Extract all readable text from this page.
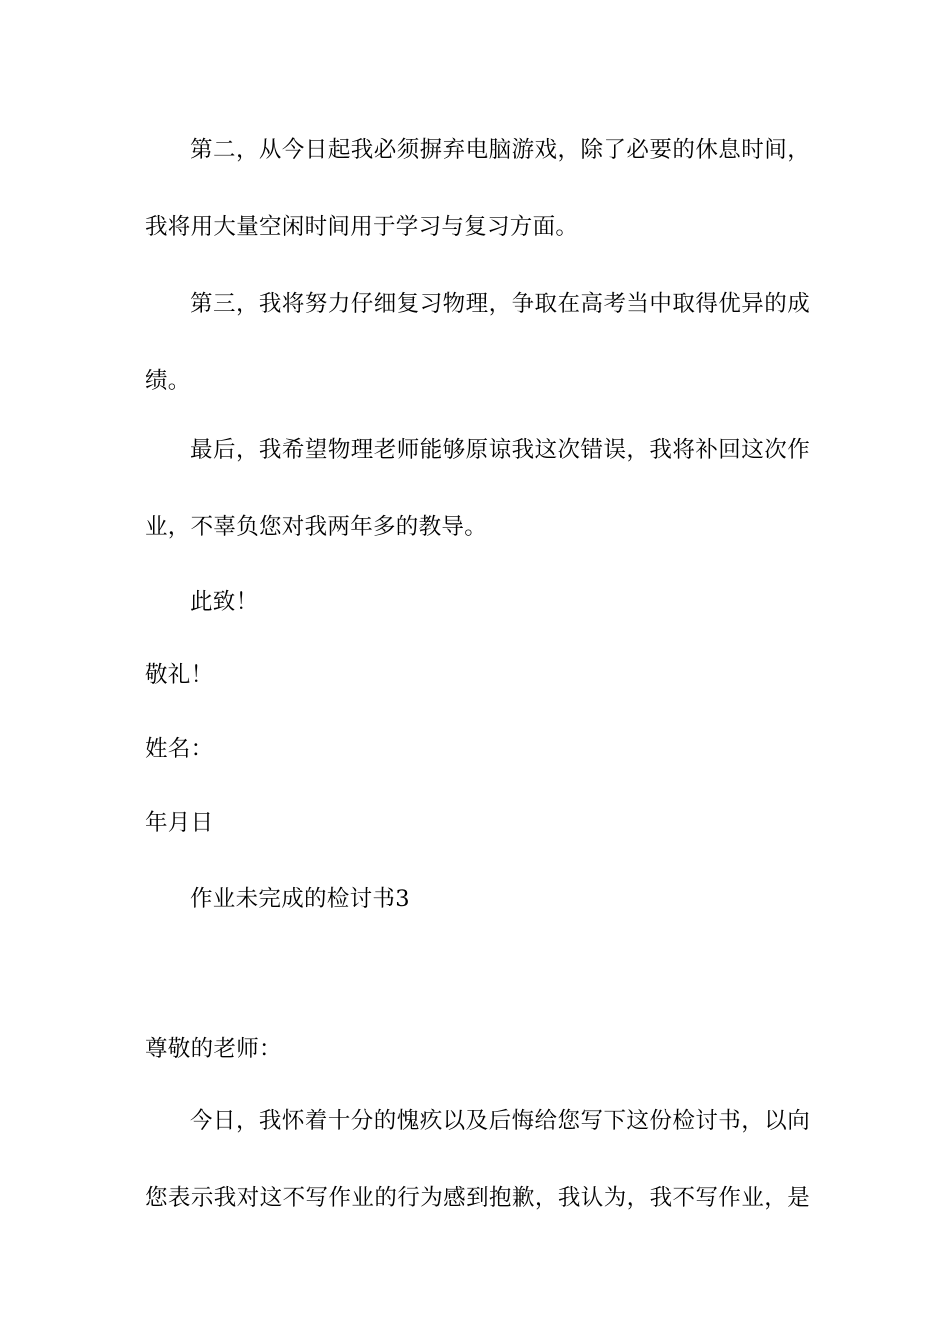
第二，从今日起我必须摒弃电脑游戏，除了必要的休息时间，
我将用大量空闲时间用于学习与复习方面。
第三，我将努力仔细复习物理，争取在高考当中取得优异的成
绩。
最后，我希望物理老师能够原谅我这次错误，我将补回这次作
业，不辜负您对我两年多的教导。
此致！
敬礼！
姓名：
年月日
作业未完成的检讨书3
尊敬的老师：
今日，我怀着十分的愧疚以及后悔给您写下这份检讨书，以向
您表示我对这不写作业的行为感到抱歉，我认为，我不写作业，是
